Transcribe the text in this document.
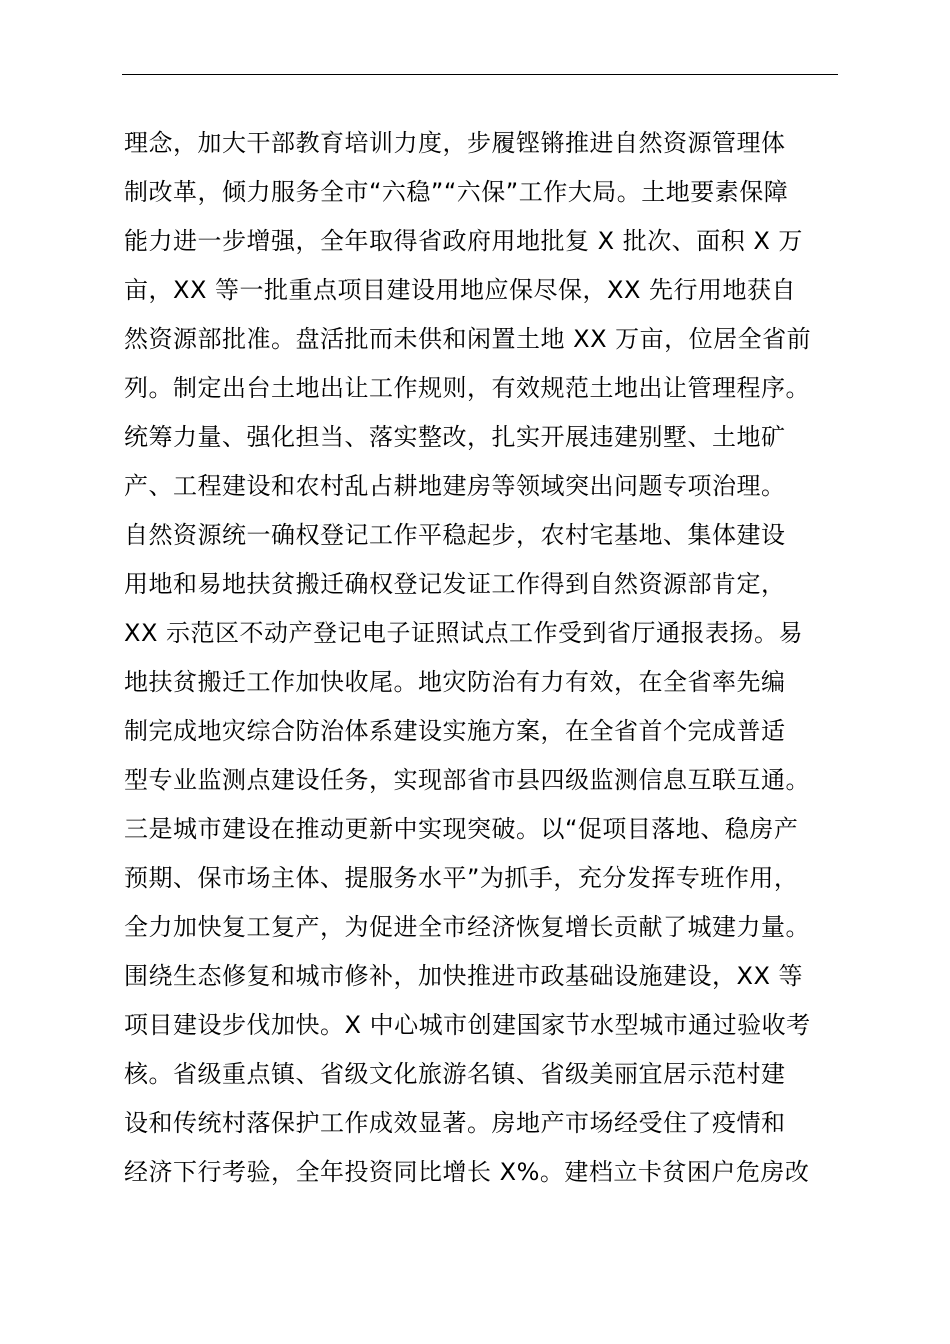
理念，加大干部教育培训力度，步履铿锵推进自然资源管理体
制改革，倾力服务全市“六稳”“六保”工作大局。土地要素保障
能力进一步增强，全年取得省政府用地批复 X 批次、面积 X 万
亩，XX 等一批重点项目建设用地应保尽保，XX 先行用地获自
然资源部批准。盘活批而未供和闲置土地 XX 万亩，位居全省前
列。制定出台土地出让工作规则，有效规范土地出让管理程序。
统筹力量、强化担当、落实整改，扎实开展违建别墅、土地矿
产、工程建设和农村乱占耕地建房等领域突出问题专项治理。
自然资源统一确权登记工作平稳起步，农村宅基地、集体建设
用地和易地扶贫搬迁确权登记发证工作得到自然资源部肯定，
XX 示范区不动产登记电子证照试点工作受到省厅通报表扬。易
地扶贫搬迁工作加快收尾。地灾防治有力有效，在全省率先编
制完成地灾综合防治体系建设实施方案，在全省首个完成普适
型专业监测点建设任务，实现部省市县四级监测信息互联互通。
三是城市建设在推动更新中实现突破。以“促项目落地、稳房产
预期、保市场主体、提服务水平”为抓手，充分发挥专班作用，
全力加快复工复产，为促进全市经济恢复增长贡献了城建力量。
围绕生态修复和城市修补，加快推进市政基础设施建设，XX 等
项目建设步伐加快。X 中心城市创建国家节水型城市通过验收考
核。省级重点镇、省级文化旅游名镇、省级美丽宜居示范村建
设和传统村落保护工作成效显著。房地产市场经受住了疫情和
经济下行考验，全年投资同比增长 X%。建档立卡贫困户危房改
